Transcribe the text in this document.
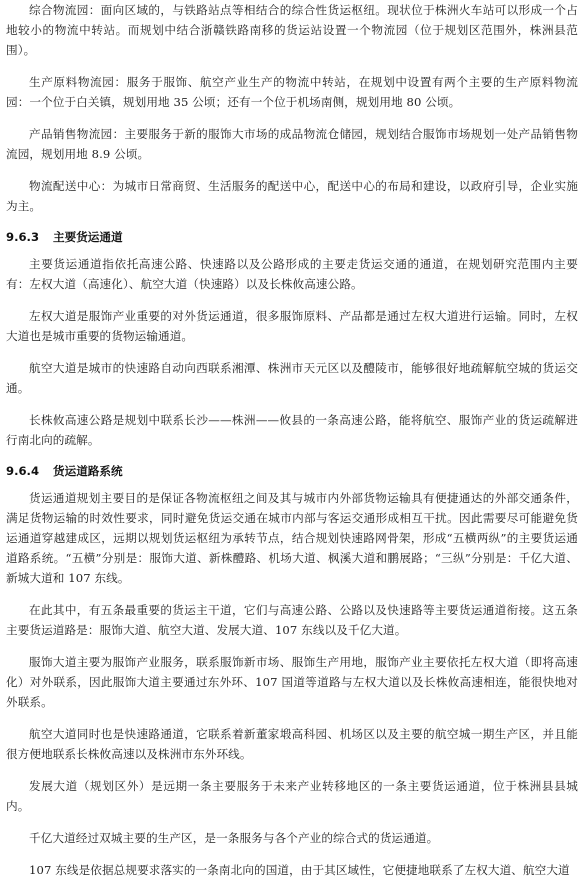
综合物流园：面向区域的，与铁路站点等相结合的综合性货运枢纽。现状位于株洲火车站可以形成一个占地较小的物流中转站。而规划中结合浙赣铁路南移的货运站设置一个物流园（位于规划区范围外，株洲县范围）。

生产原料物流园：服务于服饰、航空产业生产的物流中转站，在规划中设置有两个主要的生产原料物流园：一个位于白关镇，规划用地 35 公顷；还有一个位于机场南侧，规划用地 80 公顷。

产品销售物流园：主要服务于新的服饰大市场的成品物流仓储园，规划结合服饰市场规划一处产品销售物流园，规划用地 8.9 公顷。

物流配送中心：为城市日常商贸、生活服务的配送中心，配送中心的布局和建设，以政府引导，企业实施为主。

9.6.3 主要货运通道

主要货运通道指依托高速公路、快速路以及公路形成的主要走货运交通的通道，在规划研究范围内主要有：左权大道（高速化）、航空大道（快速路）以及长株攸高速公路。

左权大道是服饰产业重要的对外货运通道，很多服饰原料、产品都是通过左权大道进行运输。同时，左权大道也是城市重要的货物运输通道。

航空大道是城市的快速路自动向西联系湘潭、株洲市天元区以及醴陵市，能够很好地疏解航空城的货运交通。

长株攸高速公路是规划中联系长沙——株洲——攸县的一条高速公路，能将航空、服饰产业的货运疏解进行南北向的疏解。

9.6.4 货运道路系统

货运通道规划主要目的是保证各物流枢纽之间及其与城市内外部货物运输具有便捷通达的外部交通条件，满足货物运输的时效性要求，同时避免货运交通在城市内部与客运交通形成相互干扰。因此需要尽可能避免货运通道穿越建成区，远期以规划货运枢纽为承转节点，结合规划快速路网骨架，形成“五横两纵”的主要货运通道路系统。“五横”分别是：服饰大道、新株醴路、机场大道、枫溪大道和鹏展路；“三纵”分别是：千亿大道、新城大道和 107 东线。

在此其中，有五条最重要的货运主干道，它们与高速公路、公路以及快速路等主要货运通道衔接。这五条主要货运道路是：服饰大道、航空大道、发展大道、107 东线以及千亿大道。

服饰大道主要为服饰产业服务，联系服饰新市场、服饰生产用地，服饰产业主要依托左权大道（即将高速化）对外联系，因此服饰大道主要通过东外环、107 国道等道路与左权大道以及长株攸高速相连，能很快地对外联系。

航空大道同时也是快速路通道，它联系着新董家塅高科园、机场区以及主要的航空城一期生产区，并且能很方便地联系长株攸高速以及株洲市东外环线。

发展大道（规划区外）是远期一条主要服务于未来产业转移地区的一条主要货运通道，位于株洲县县城内。

千亿大道经过双城主要的生产区，是一条服务与各个产业的综合式的货运通道。

107 东线是依据总规要求落实的一条南北向的国道，由于其区域性，它便捷地联系了左权大道、航空大道
